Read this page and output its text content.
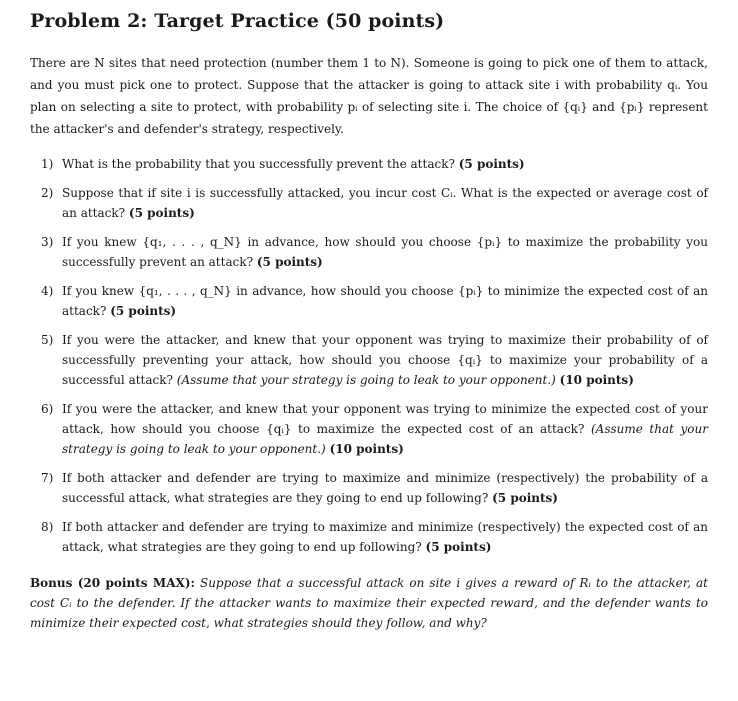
Problem 2: Target Practice (50 points)

There are N sites that need protection (number them 1 to N). Someone is going to pick one of them to attack, and you must pick one to protect. Suppose that the attacker is going to attack site i with probability qᵢ. You plan on selecting a site to protect, with probability pᵢ of selecting site i. The choice of {qᵢ} and {pᵢ} represent the attacker's and defender's strategy, respectively.

1) What is the probability that you successfully prevent the attack? (5 points)
2) Suppose that if site i is successfully attacked, you incur cost Cᵢ. What is the expected or average cost of an attack? (5 points)
3) If you knew {q₁, . . . , q_N} in advance, how should you choose {pᵢ} to maximize the probability you successfully prevent an attack? (5 points)
4) If you knew {q₁, . . . , q_N} in advance, how should you choose {pᵢ} to minimize the expected cost of an attack? (5 points)
5) If you were the attacker, and knew that your opponent was trying to maximize their probability of of successfully preventing your attack, how should you choose {qᵢ} to maximize your probability of a successful attack? (Assume that your strategy is going to leak to your opponent.) (10 points)
6) If you were the attacker, and knew that your opponent was trying to minimize the expected cost of your attack, how should you choose {qᵢ} to maximize the expected cost of an attack? (Assume that your strategy is going to leak to your opponent.) (10 points)
7) If both attacker and defender are trying to maximize and minimize (respectively) the probability of a successful attack, what strategies are they going to end up following? (5 points)
8) If both attacker and defender are trying to maximize and minimize (respectively) the expected cost of an attack, what strategies are they going to end up following? (5 points)

Bonus (20 points MAX): Suppose that a successful attack on site i gives a reward of Rᵢ to the attacker, at cost Cᵢ to the defender. If the attacker wants to maximize their expected reward, and the defender wants to minimize their expected cost, what strategies should they follow, and why?
